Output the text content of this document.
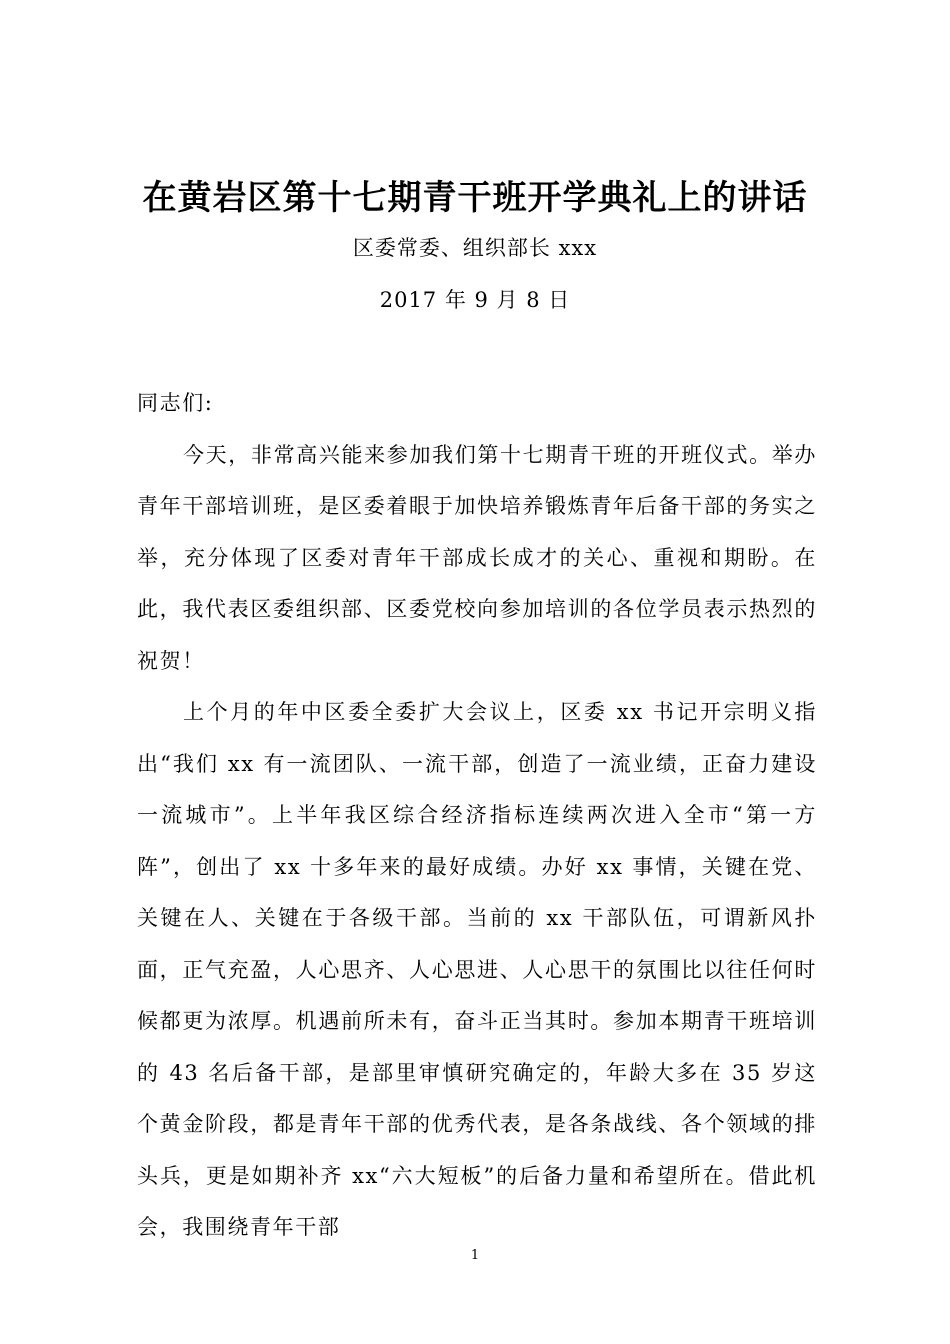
在黄岩区第十七期青干班开学典礼上的讲话
区委常委、组织部长 xxx
2017 年 9 月 8 日

同志们:

今天，非常高兴能来参加我们第十七期青干班的开班仪式。举办青年干部培训班，是区委着眼于加快培养锻炼青年后备干部的务实之举，充分体现了区委对青年干部成长成才的关心、重视和期盼。在此，我代表区委组织部、区委党校向参加培训的各位学员表示热烈的祝贺！

上个月的年中区委全委扩大会议上，区委 xx 书记开宗明义指出“我们 xx 有一流团队、一流干部，创造了一流业绩，正奋力建设一流城市”。上半年我区综合经济指标连续两次进入全市“第一方阵”，创出了 xx 十多年来的最好成绩。办好 xx 事情，关键在党、关键在人、关键在于各级干部。当前的 xx 干部队伍，可谓新风扑面，正气充盈，人心思齐、人心思进、人心思干的氛围比以往任何时候都更为浓厚。机遇前所未有，奋斗正当其时。参加本期青干班培训的 43 名后备干部，是部里审慎研究确定的，年龄大多在 35 岁这个黄金阶段，都是青年干部的优秀代表，是各条战线、各个领域的排头兵，更是如期补齐 xx“六大短板”的后备力量和希望所在。借此机会，我围绕青年干部

1
